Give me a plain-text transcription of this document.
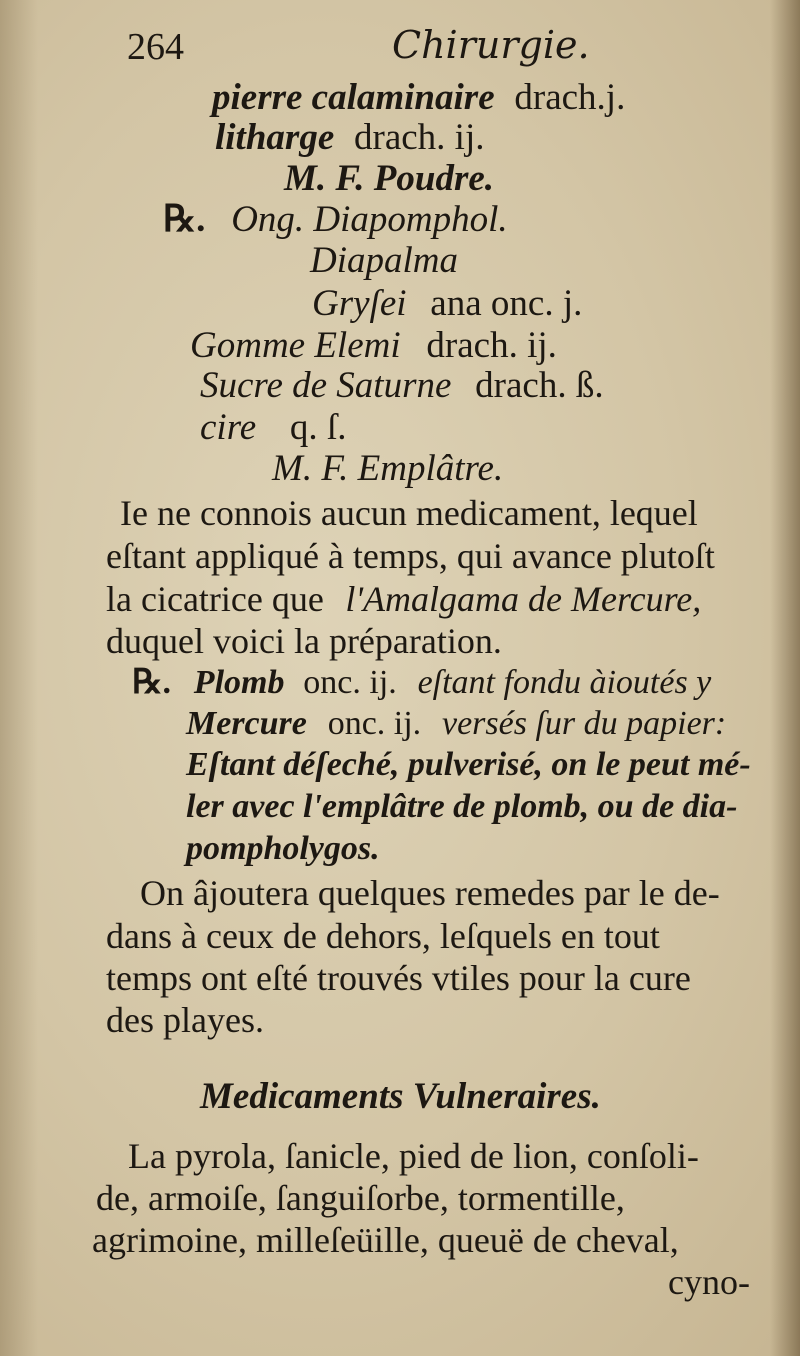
264	Chirurgie.
pierre calaminaire drach.j.
litharge drach. ij.
M. F. Poudre.
℞. Ong. Diapomphol.
Diapalma
Gryſei ana onc. j.
Gomme Elemi drach. ij.
Sucre de Saturne drach. ß.
cire q. ſ.
M. F. Emplâtre.
Ie ne connois aucun medicament, lequel
eſtant appliqué à temps, qui avance plutoſt
la cicatrice que l'Amalgama de Mercure,
duquel voici la préparation.
℞. Plomb onc. ij. eſtant fondu àioutés y
Mercure onc. ij. versés ſur du papier:
Eſtant déſeché, pulverisé, on le peut mé-
ler avec l'emplâtre de plomb, ou de dia-
pompholygos.
On âjoutera quelques remedes par le de-
dans à ceux de dehors, leſquels en tout
temps ont eſté trouvés vtiles pour la cure
des playes.
Medicaments Vulneraires.
La pyrola, ſanicle, pied de lion, conſoli-
de, armoiſe, ſanguiſorbe, tormentille,
agrimoine, milleſeüille, queuë de cheval,
cyno-
